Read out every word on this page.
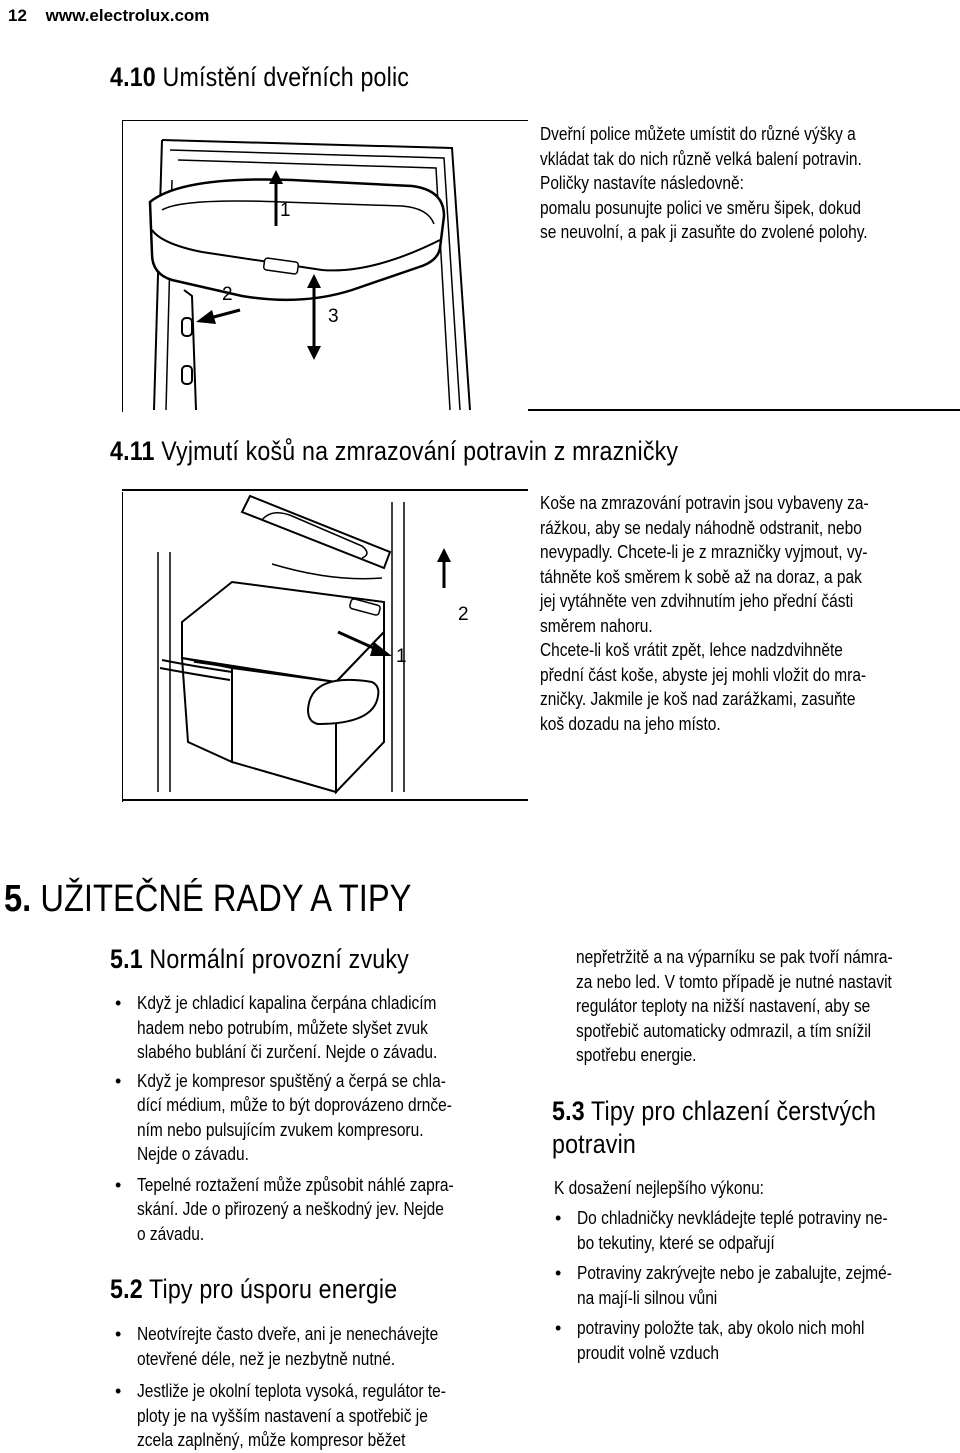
12 www.electrolux.com
4.10 Umístění dveřních polic
1
2
3
Dveřní police můžete umístit do různé výšky a
vkládat tak do nich různě velká balení potravin.
Poličky nastavíte následovně:
pomalu posunujte polici ve směru šipek, dokud
se neuvolní, a pak ji zasuňte do zvolené polohy.
4.11 Vyjmutí košů na zmrazování potravin z mrazničky
1
2
Koše na zmrazování potravin jsou vybaveny za-
rážkou, aby se nedaly náhodně odstranit, nebo
nevypadly. Chcete-li je z mrazničky vyjmout, vy-
táhněte koš směrem k sobě až na doraz, a pak
jej vytáhněte ven zdvihnutím jeho přední části
směrem nahoru.
Chcete-li koš vrátit zpět, lehce nadzdvihněte
přední část koše, abyste jej mohli vložit do mra-
zničky. Jakmile je koš nad zarážkami, zasuňte
koš dozadu na jeho místo.
5. UŽITEČNÉ RADY A TIPY
5.1 Normální provozní zvuky
• Když je chladicí kapalina čerpána chladicím
hadem nebo potrubím, můžete slyšet zvuk
slabého bublání či zurčení. Nejde o závadu.
• Když je kompresor spuštěný a čerpá se chla-
dící médium, může to být doprovázeno drnče-
ním nebo pulsujícím zvukem kompresoru.
Nejde o závadu.
• Tepelné roztažení může způsobit náhlé zapra-
skání. Jde o přirozený a neškodný jev. Nejde
o závadu.
5.2 Tipy pro úsporu energie
• Neotvírejte často dveře, ani je nenechávejte
otevřené déle, než je nezbytně nutné.
• Jestliže je okolní teplota vysoká, regulátor te-
ploty je na vyšším nastavení a spotřebič je
zcela zaplněný, může kompresor běžet
nepřetržitě a na výparníku se pak tvoří námra-
za nebo led. V tomto případě je nutné nastavit
regulátor teploty na nižší nastavení, aby se
spotřebič automaticky odmrazil, a tím snížil
spotřebu energie.
5.3 Tipy pro chlazení čerstvých
potravin
K dosažení nejlepšího výkonu:
• Do chladničky nevkládejte teplé potraviny ne-
bo tekutiny, které se odpařují
• Potraviny zakrývejte nebo je zabalujte, zejmé-
na mají-li silnou vůni
• potraviny položte tak, aby okolo nich mohl
proudit volně vzduch
